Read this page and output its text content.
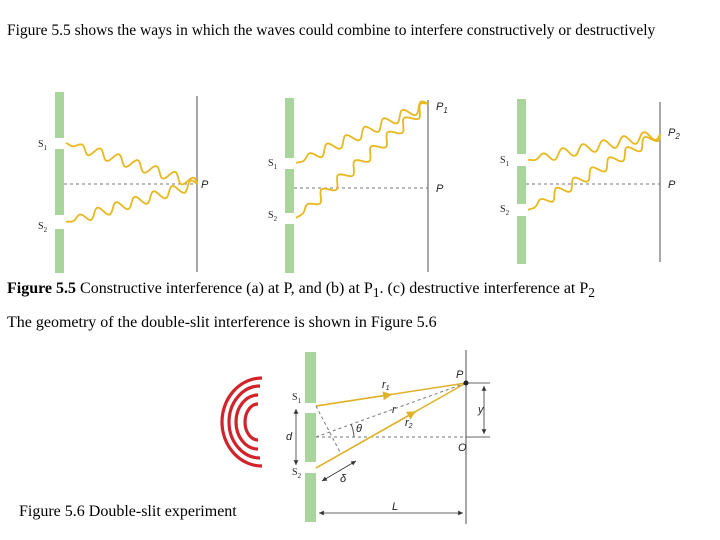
Figure 5.5 shows the ways in which the waves could combine to interfere constructively or destructively

$S_1$
$S_2$
P
$S_1$
$S_2$
$P_1$
P
$S_1$
$S_2$
$P_2$
P
P
r1
r2
r
θ
d
O
y
δ
L
$S_1$
$S_2$
Figure 5.5 Constructive interference (a) at P, and (b) at $P_1$. (c) destructive interference at $P_2$
The geometry of the double-slit interference is shown in Figure 5.6
Figure 5.6 Double-slit experiment
